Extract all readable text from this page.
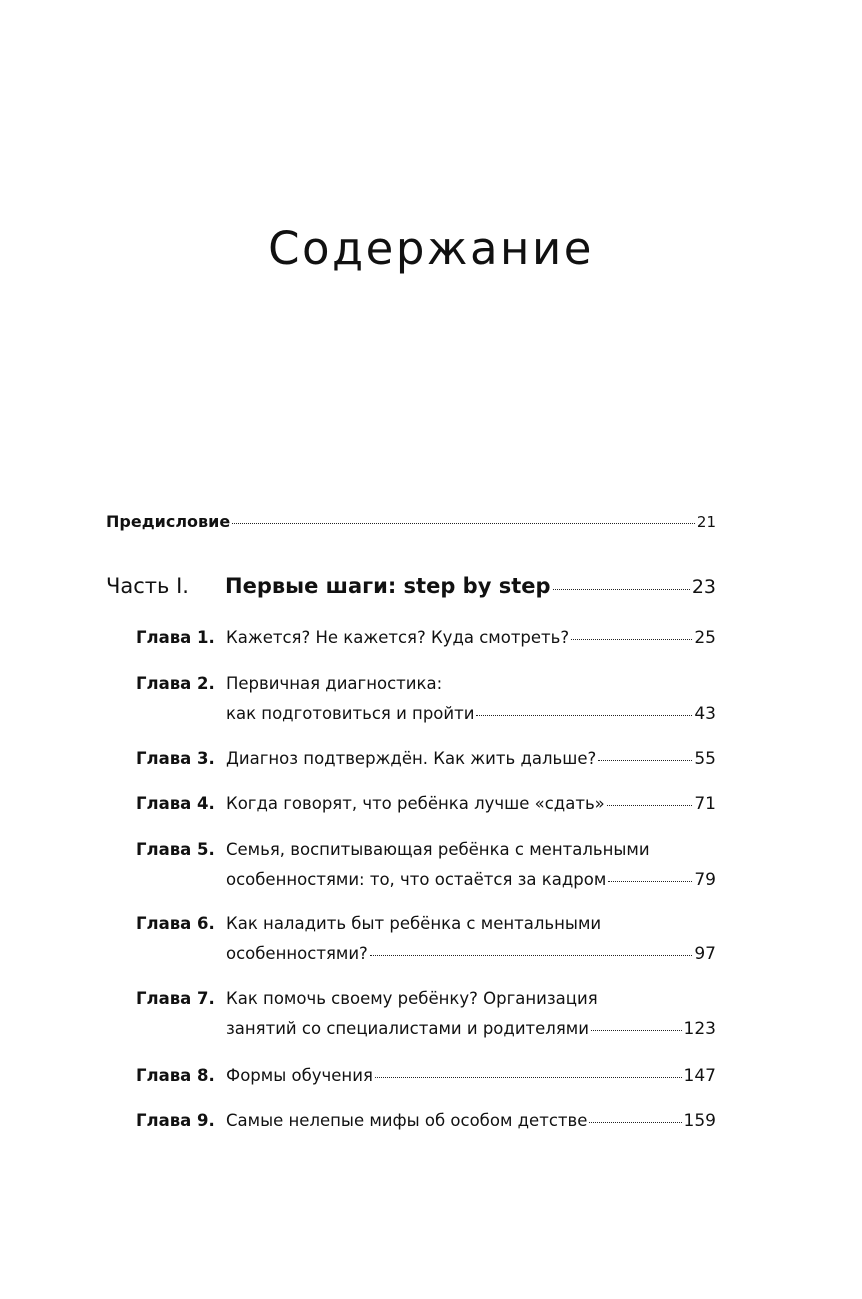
Содержание
Предисловие	21
Часть I.	Первые шаги: step by step	23
Глава 1. Кажется? Не кажется? Куда смотреть?	25
Глава 2. Первичная диагностика:
как подготовиться и пройти	43
Глава 3. Диагноз подтверждён. Как жить дальше?	55
Глава 4. Когда говорят, что ребёнка лучше «сдать»	71
Глава 5. Семья, воспитывающая ребёнка с ментальными
особенностями: то, что остаётся за кадром	79
Глава 6. Как наладить быт ребёнка с ментальными
особенностями?	97
Глава 7. Как помочь своему ребёнку? Организация
занятий со специалистами и родителями	123
Глава 8. Формы обучения	147
Глава 9. Самые нелепые мифы об особом детстве	159
